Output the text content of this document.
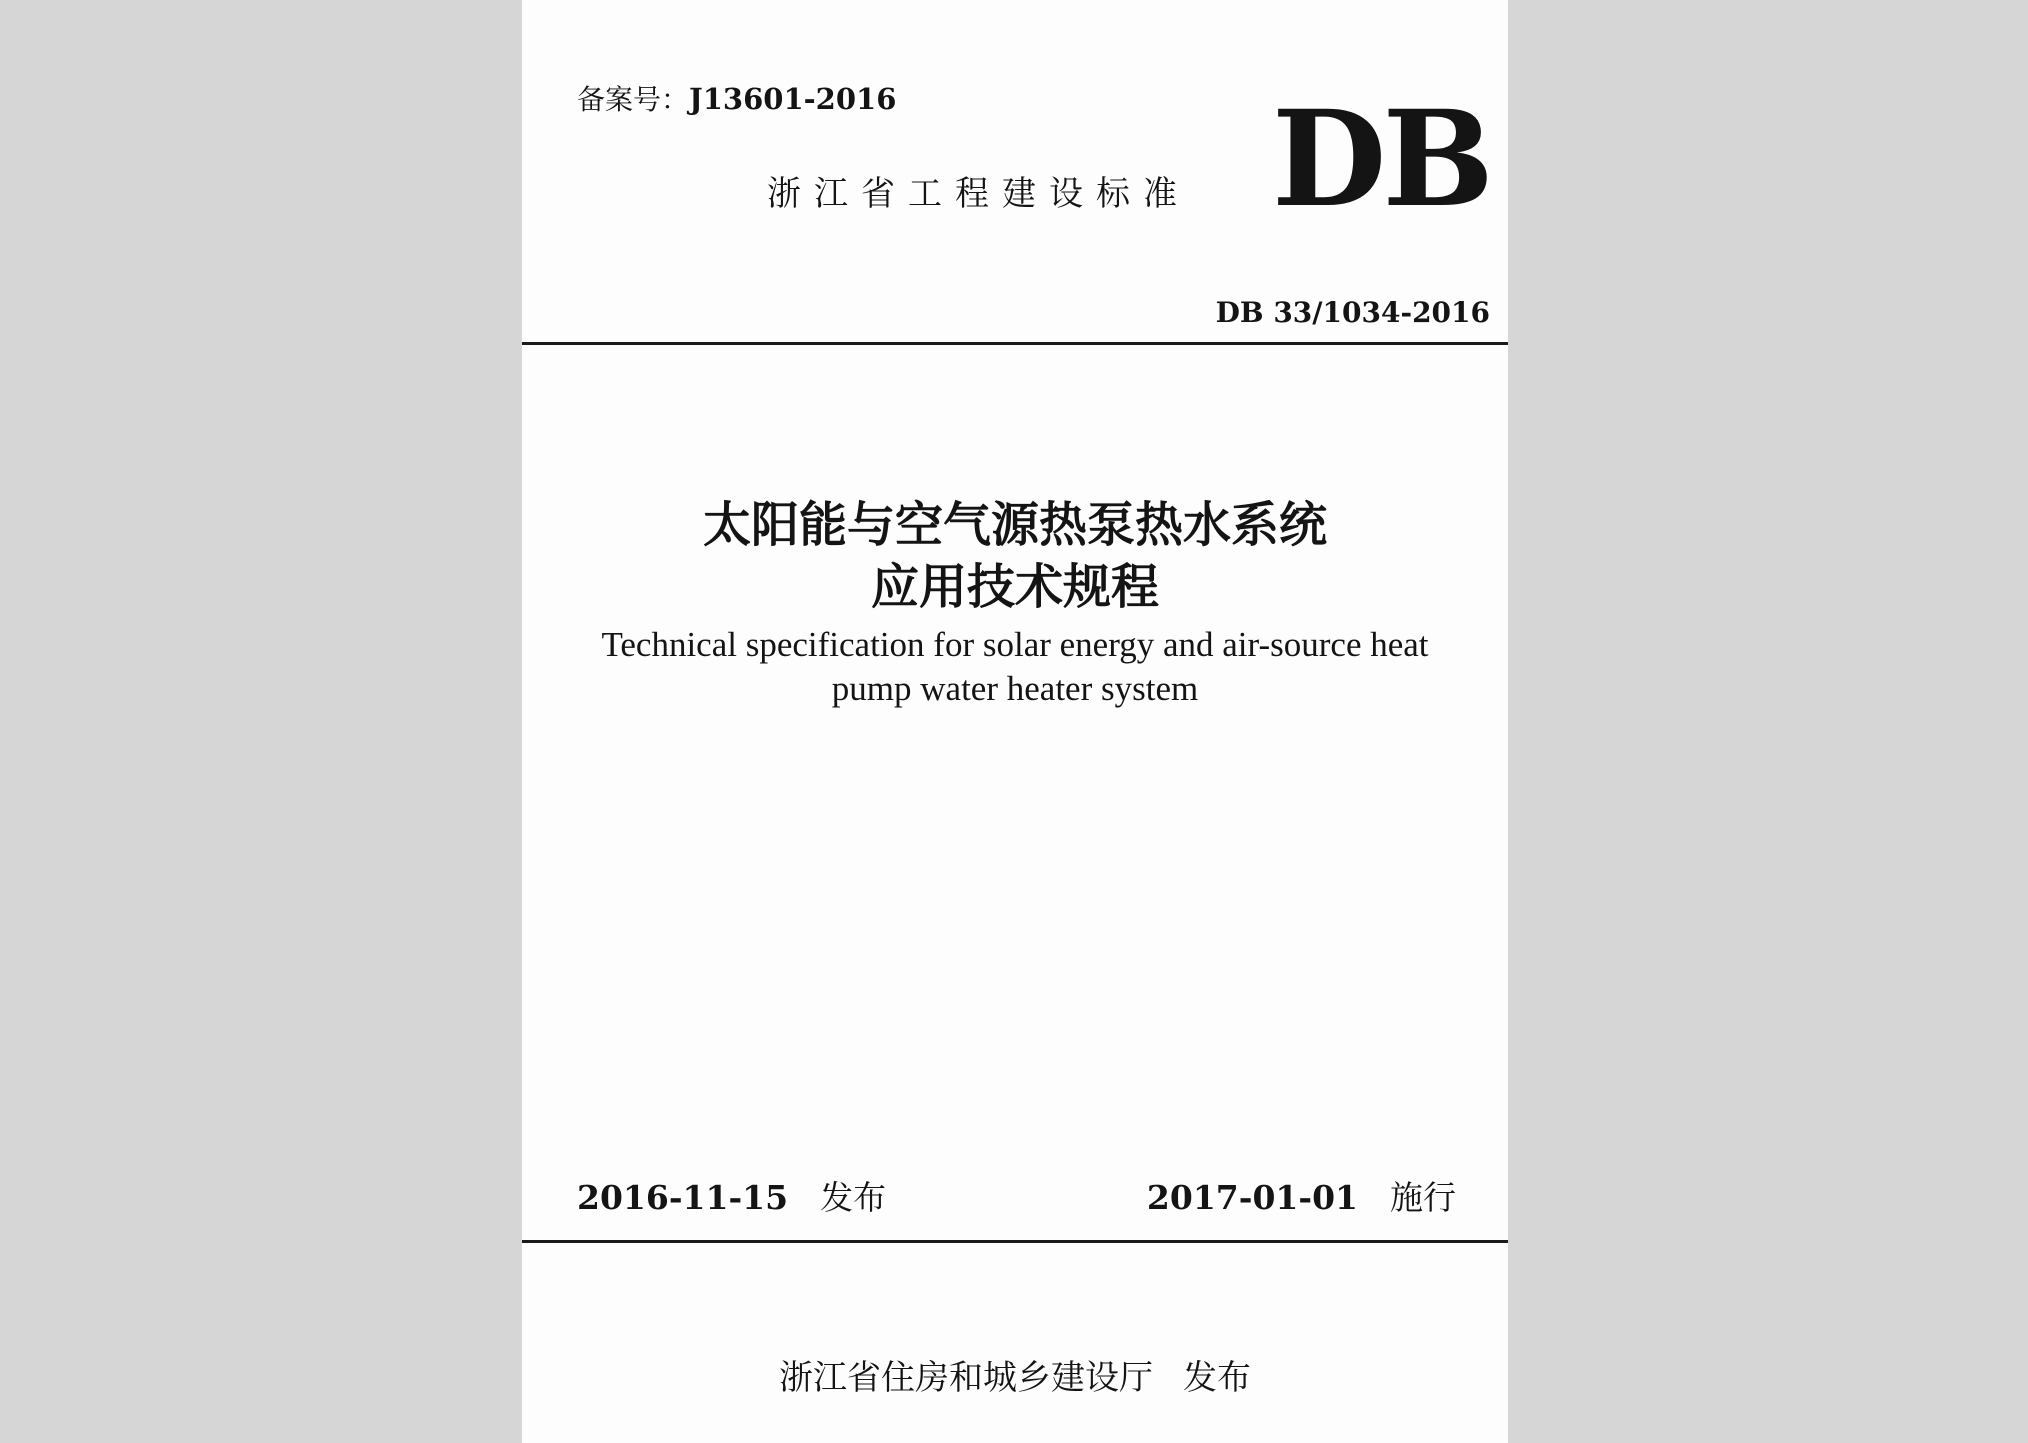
备案号：J13601-2016
浙江省工程建设标准 DB
DB 33/1034-2016
太阳能与空气源热泵热水系统
应用技术规程
Technical specification for solar energy and air-source heat
pump water heater system
2016-11-15 发布	2017-01-01 施行
浙江省住房和城乡建设厅 发布
